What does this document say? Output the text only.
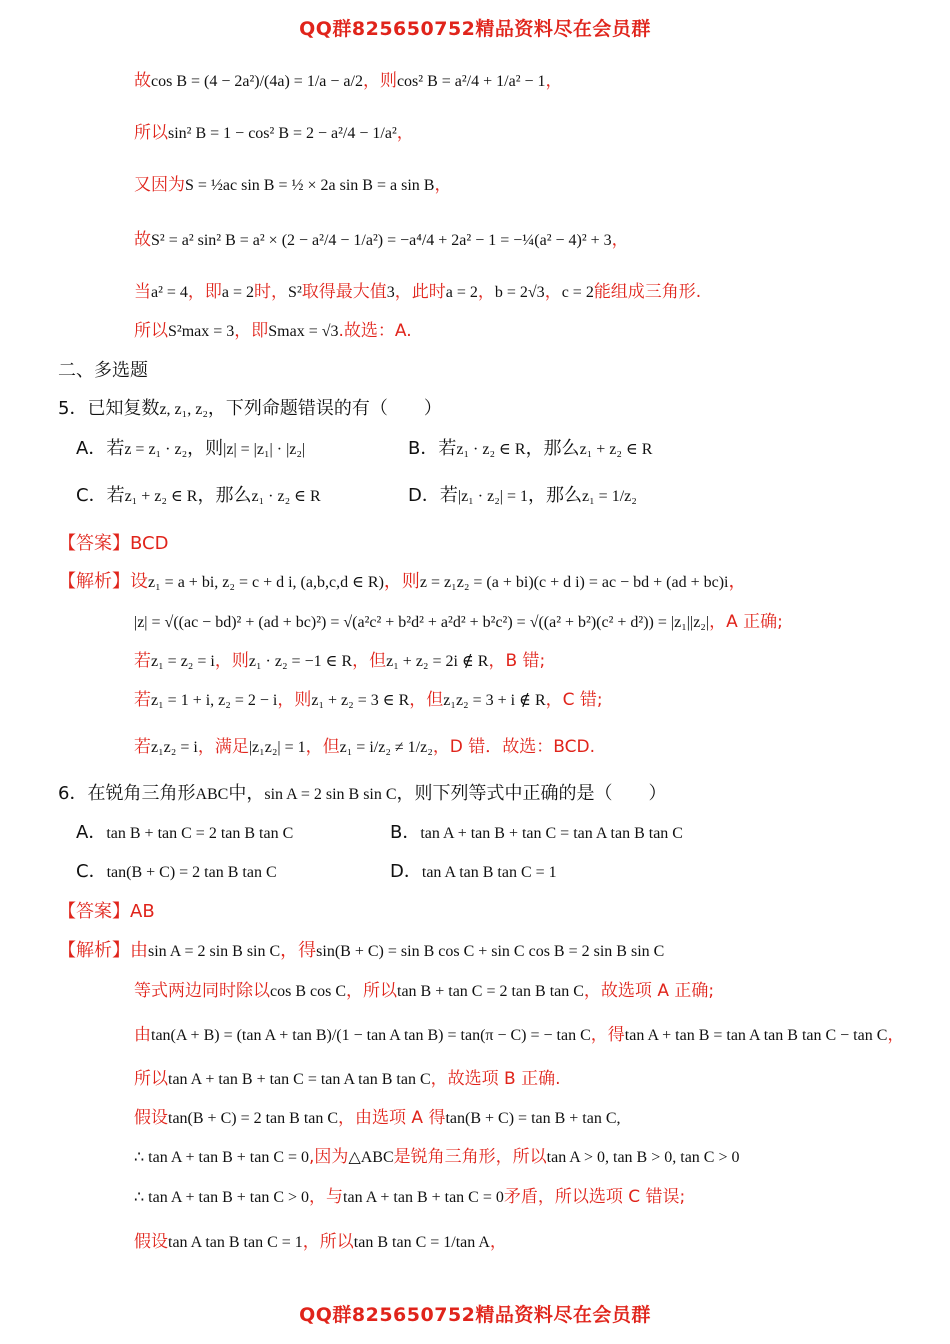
QQ群825650752精品资料尽在会员群
故cos B = (4 − 2a²)/(4a) = 1/a − a/2，则cos² B = a²/4 + 1/a² − 1，
所以sin² B = 1 − cos² B = 2 − a²/4 − 1/a²，
又因为S = ½ac sin B = ½ × 2a sin B = a sin B，
故S² = a² sin² B = a² × (2 − a²/4 − 1/a²) = −a⁴/4 + 2a² − 1 = −¼(a² − 4)² + 3，
当a² = 4，即a = 2时，S²取得最大值3，此时a = 2，b = 2√3，c = 2能组成三角形.
所以S²max = 3，即Smax = √3.故选：A.
二、多选题
5．已知复数z, z₁, z₂，下列命题错误的有（　　）
A．若z = z₁ · z₂，则|z| = |z₁| · |z₂|	B．若z₁ · z₂ ∈ R，那么z₁ + z₂ ∈ R
C．若z₁ + z₂ ∈ R，那么z₁ · z₂ ∈ R	D．若|z₁ · z₂| = 1，那么z₁ = 1/z₂
【答案】BCD
【解析】设z₁ = a + bi, z₂ = c + d i, (a,b,c,d ∈ R)，则z = z₁z₂ = (a + bi)(c + d i) = ac − bd + (ad + bc)i，
|z| = √((ac − bd)² + (ad + bc)²) = √(a²c² + b²d² + a²d² + b²c²) = √((a² + b²)(c² + d²)) = |z₁||z₂|，A 正确;
若z₁ = z₂ = i，则z₁ · z₂ = −1 ∈ R，但z₁ + z₂ = 2i ∉ R，B 错;
若z₁ = 1 + i, z₂ = 2 − i，则z₁ + z₂ = 3 ∈ R，但z₁z₂ = 3 + i ∉ R，C 错;
若z₁z₂ = i，满足|z₁z₂| = 1，但z₁ = i/z₂ ≠ 1/z₂，D 错．故选：BCD.
6．在锐角三角形ABC中，sin A = 2 sin B sin C，则下列等式中正确的是（　　）
A．tan B + tan C = 2 tan B tan C	B．tan A + tan B + tan C = tan A tan B tan C
C．tan(B + C) = 2 tan B tan C	D．tan A tan B tan C = 1
【答案】AB
【解析】由sin A = 2 sin B sin C，得sin(B + C) = sin B cos C + sin C cos B = 2 sin B sin C
等式两边同时除以cos B cos C，所以tan B + tan C = 2 tan B tan C，故选项 A 正确;
由tan(A + B) = (tan A + tan B)/(1 − tan A tan B) = tan(π − C) = − tan C，得tan A + tan B = tan A tan B tan C − tan C，
所以tan A + tan B + tan C = tan A tan B tan C，故选项 B 正确.
假设tan(B + C) = 2 tan B tan C，由选项 A 得tan(B + C) = tan B + tan C,
∴ tan A + tan B + tan C = 0,因为△ABC是锐角三角形，所以tan A > 0, tan B > 0, tan C > 0
∴ tan A + tan B + tan C > 0，与tan A + tan B + tan C = 0矛盾，所以选项 C 错误;
假设tan A tan B tan C = 1，所以tan B tan C = 1/tan A，
QQ群825650752精品资料尽在会员群
